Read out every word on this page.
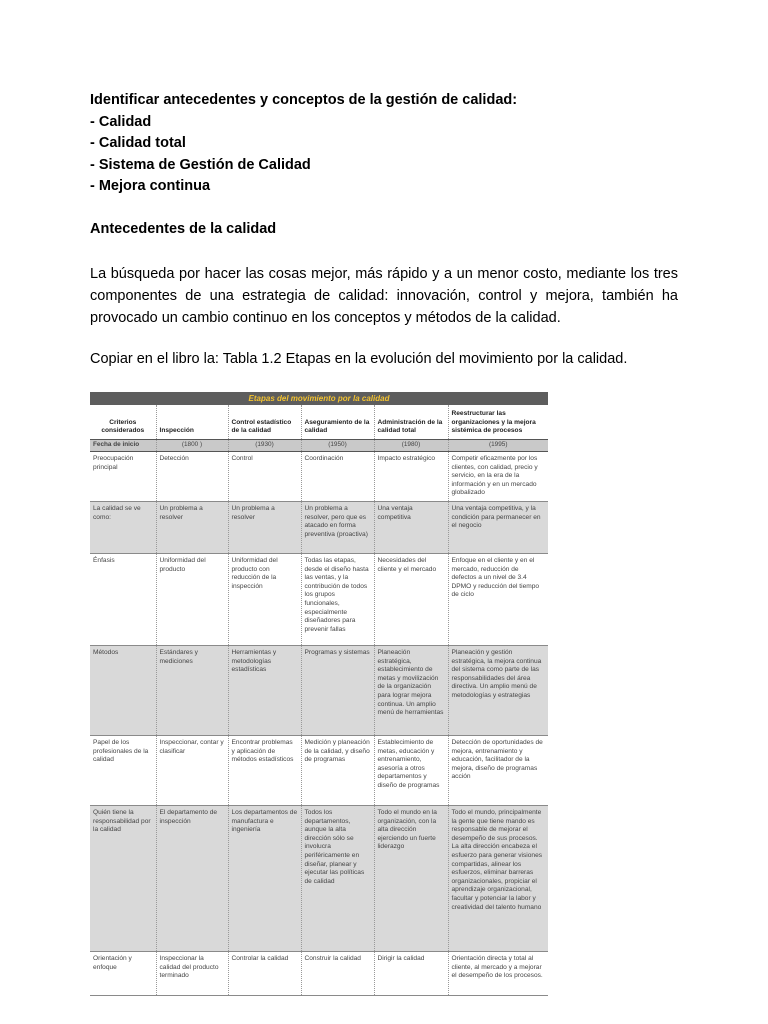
Identificar antecedentes y conceptos de la gestión de calidad:
- Calidad
- Calidad total
- Sistema de Gestión de Calidad
- Mejora continua
Antecedentes de la calidad
La búsqueda por hacer las cosas mejor, más rápido y a un menor costo, mediante los tres componentes de una estrategia de calidad: innovación, control y mejora, también ha provocado un cambio continuo en los conceptos y métodos de la calidad.
Copiar en el libro la: Tabla 1.2 Etapas en la evolución del movimiento por la calidad.
Etapas del movimiento por la calidad
Criterios considerados	Inspección	Control estadístico de la calidad	Aseguramiento de la calidad	Administración de la calidad total	Reestructurar las organizaciones y la mejora sistémica de procesos
Fecha de inicio	(1800 )	(1930)	(1950)	(1980)	(1995)
Preocupación principal	Detección	Control	Coordinación	Impacto estratégico	Competir eficazmente por los clientes, con calidad, precio y servicio, en la era de la información y en un mercado globalizado
La calidad se ve como:	Un problema a resolver	Un problema a resolver	Un problema a resolver, pero que es atacado en forma preventiva (proactiva)	Una ventaja competitiva	Una ventaja competitiva, y la condición para permanecer en el negocio
Énfasis	Uniformidad del producto	Uniformidad del producto con reducción de la inspección	Todas las etapas, desde el diseño hasta las ventas, y la contribución de todos los grupos funcionales, especialmente diseñadores para prevenir fallas	Necesidades del cliente y el mercado	Enfoque en el cliente y en el mercado, reducción de defectos a un nivel de 3.4 DPMO y reducción del tiempo de ciclo
Métodos	Estándares y mediciones	Herramientas y metodologías estadísticas	Programas y sistemas	Planeación estratégica, establecimiento de metas y movilización de la organización para lograr mejora continua. Un amplio menú de herramientas	Planeación y gestión estratégica, la mejora continua del sistema como parte de las responsabilidades del área directiva. Un amplio menú de metodologías y estrategias
Papel de los profesionales de la calidad	Inspeccionar, contar y clasificar	Encontrar problemas y aplicación de métodos estadísticos	Medición y planeación de la calidad, y diseño de programas	Establecimiento de metas, educación y entrenamiento, asesoría a otros departamentos y diseño de programas	Detección de oportunidades de mejora, entrenamiento y educación, facilitador de la mejora, diseño de programas acción
Quién tiene la responsabilidad por la calidad	El departamento de inspección	Los departamentos de manufactura e ingeniería	Todos los departamentos, aunque la alta dirección sólo se involucra periféricamente en diseñar, planear y ejecutar las políticas de calidad	Todo el mundo en la organización, con la alta dirección ejerciendo un fuerte liderazgo	Todo el mundo, principalmente la gente que tiene mando es responsable de mejorar el desempeño de sus procesos. La alta dirección encabeza el esfuerzo para generar visiones compartidas, alinear los esfuerzos, eliminar barreras organizacionales, propiciar el aprendizaje organizacional, facultar y potenciar la labor y creatividad del talento humano
Orientación y enfoque	Inspeccionar la calidad del producto terminado	Controlar la calidad	Construir la calidad	Dirigir la calidad	Orientación directa y total al cliente, al mercado y a mejorar el desempeño de los procesos.
